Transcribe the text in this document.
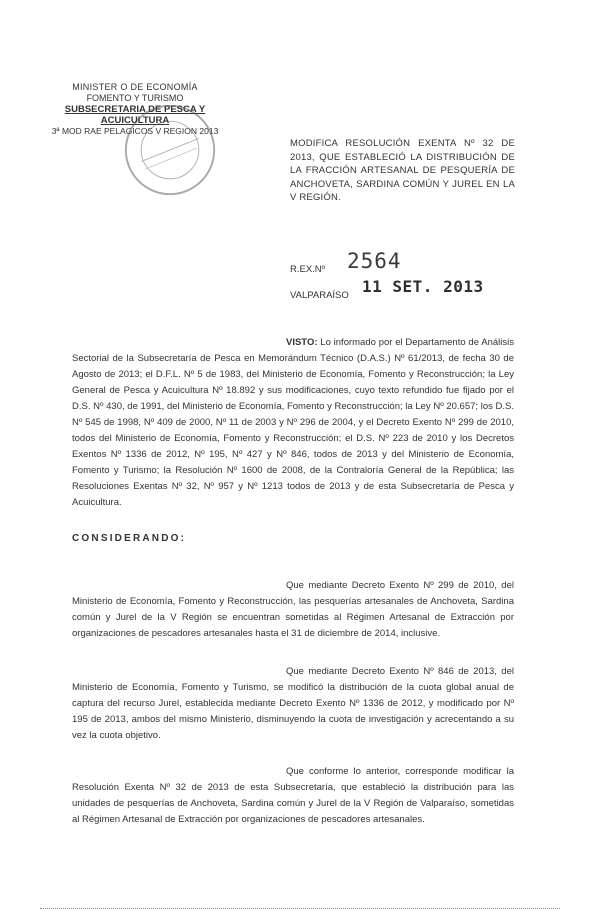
MINISTER O DE ECONOMÍA
FOMENTO Y TURISMO
SUBSECRETARIA DE PESCA Y ACUICULTURA
3ª MOD RAE PELAGICOS V REGION 2013
MODIFICA RESOLUCIÓN EXENTA Nº 32 DE 2013, QUE ESTABLECIÓ LA DISTRIBUCIÓN DE LA FRACCIÓN ARTESANAL DE PESQUERÍA DE ANCHOVETA, SARDINA COMÚN Y JUREL EN LA V REGIÓN.
R.EX.Nº 2564
VALPARAÍSO 11 SET. 2013
VISTO: Lo informado por el Departamento de Análisis Sectorial de la Subsecretaría de Pesca en Memorándum Técnico (D.A.S.) Nº 61/2013, de fecha 30 de Agosto de 2013; el D.F.L. Nº 5 de 1983, del Ministerio de Economía, Fomento y Reconstrucción; la Ley General de Pesca y Acuicultura Nº 18.892 y sus modificaciones, cuyo texto refundido fue fijado por el D.S. Nº 430, de 1991, del Ministerio de Economía, Fomento y Reconstrucción; la Ley Nº 20.657; los D.S. Nº 545 de 1998, Nº 409 de 2000, Nº 11 de 2003 y Nº 296 de 2004, y el Decreto Exento Nº 299 de 2010, todos del Ministerio de Economía, Fomento y Reconstrucción; el D.S. Nº 223 de 2010 y los Decretos Exentos Nº 1336 de 2012, Nº 195, Nº 427 y Nº 846, todos de 2013 y del Ministerio de Economía, Fomento y Turismo; la Resolución Nº 1600 de 2008, de la Contraloría General de la República; las Resoluciones Exentas Nº 32, Nº 957 y Nº 1213 todos de 2013 y de esta Subsecretaría de Pesca y Acuicultura.
CONSIDERANDO:
Que mediante Decreto Exento Nº 299 de 2010, del Ministerio de Economía, Fomento y Reconstrucción, las pesquerías artesanales de Anchoveta, Sardina común y Jurel de la V Región se encuentran sometidas al Régimen Artesanal de Extracción por organizaciones de pescadores artesanales hasta el 31 de diciembre de 2014, inclusive.
Que mediante Decreto Exento Nº 846 de 2013, del Ministerio de Economía, Fomento y Turismo, se modificó la distribución de la cuota global anual de captura del recurso Jurel, establecida mediante Decreto Exento Nº 1336 de 2012, y modificado por Nº 195 de 2013, ambos del mismo Ministerio, disminuyendo la cuota de investigación y acrecentando a su vez la cuota objetivo.
Que conforme lo anterior, corresponde modificar la Resolución Exenta Nº 32 de 2013 de esta Subsecretaría, que estableció la distribución para las unidades de pesquerías de Anchoveta, Sardina común y Jurel de la V Región de Valparaíso, sometidas al Régimen Artesanal de Extracción por organizaciones de pescadores artesanales.
